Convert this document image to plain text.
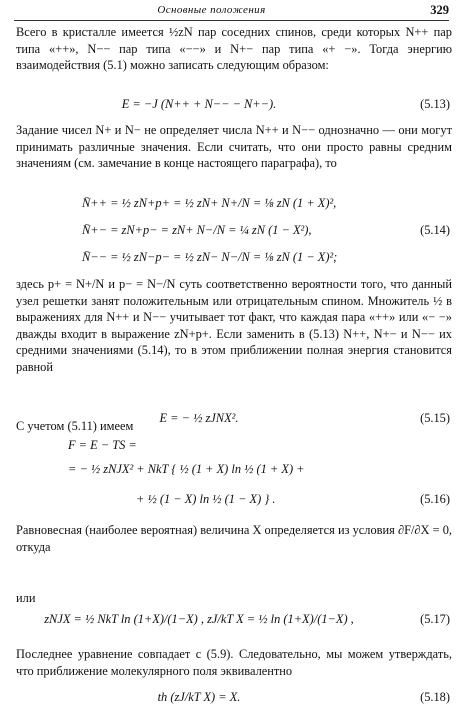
Основные положения	329

Всего в кристалле имеется ½zN пар соседних спинов, среди которых N++ пар типа «++», N−− пар типа «−−» и N+− пар типа «+ −». Тогда энергию взаимодействия (5.1) можно записать следующим образом:

E = −J (N++ + N−− − N+−).	(5.13)

Задание чисел N+ и N− не определяет числа N++ и N−− однозначно — они могут принимать различные значения. Если считать, что они просто равны средним значениям (см. замечание в конце настоящего параграфа), то

N̄++ = ½ zN+p+ = ½ zN+ N+/N = ⅛ zN (1 + X)²,
N̄+− = zN+p− = zN+ N−/N = ¼ zN (1 − X²),	(5.14)
N̄−− = ½ zN−p− = ½ zN− N−/N = ⅛ zN (1 − X)²;

здесь p+ = N+/N и p− = N−/N суть соответственно вероятности того, что данный узел решетки занят положительным или отрицательным спином. Множитель ½ в выражениях для N++ и N−− учитывает тот факт, что каждая пара «++» или «− −» дважды входит в выражение zN+p+. Если заменить в (5.13) N++, N+− и N−− их средними значениями (5.14), то в этом приближении полная энергия становится равной

E = − ½ zJNX².	(5.15)

С учетом (5.11) имеем

F = E − TS =
= − ½ zNJX² + NkT { ½ (1 + X) ln ½ (1 + X) +
+ ½ (1 − X) ln ½ (1 − X) } .	(5.16)

Равновесная (наиболее вероятная) величина X определяется из условия ∂F/∂X = 0, откуда

zNJX = ½ NkT ln (1+X)/(1−X) , zJ/kT X = ½ ln (1+X)/(1−X) ,	(5.17)

или

th (zJ/kT X) = X.	(5.18)

Последнее уравнение совпадает с (5.9). Следовательно, мы можем утверждать, что приближение молекулярного поля эквивалентно
